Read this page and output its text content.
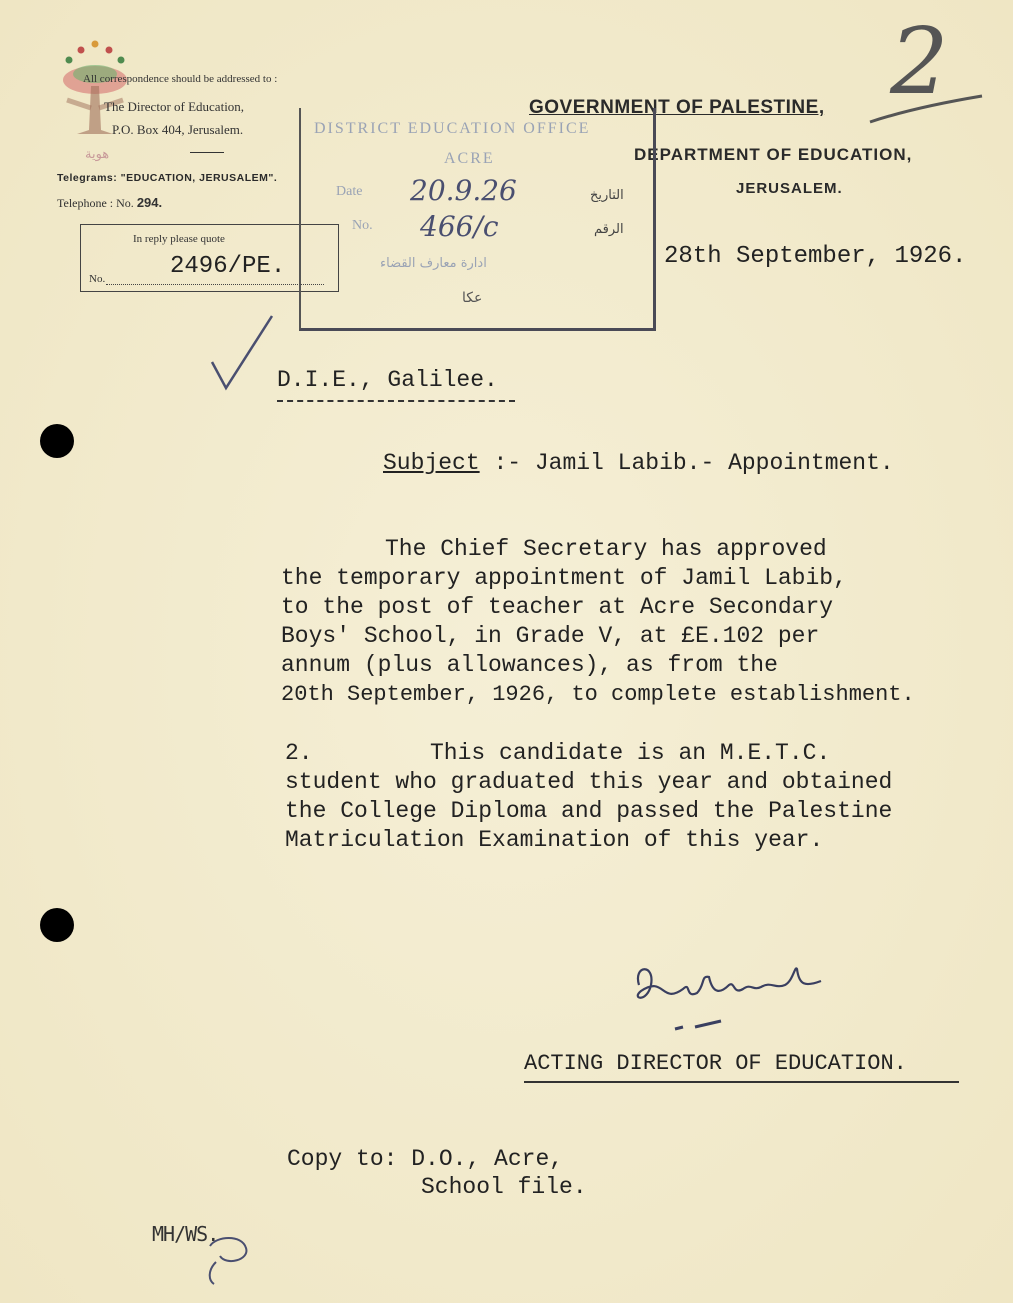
هوية
All correspondence should be addressed to :
The Director of Education,
P.O. Box 404, Jerusalem.
Telegrams: "EDUCATION, JERUSALEM".
Telephone : No. 294.
In reply please quote
No.	2496/PE.
GOVERNMENT OF PALESTINE,
DEPARTMENT OF EDUCATION,
JERUSALEM.
2
DISTRICT EDUCATION OFFICE
ACRE
Date 20.9.26	التاريخ
No. 466/c	الرقم
ادارة معارف القضاء
عكا
28th September, 1926.
D.I.E., Galilee.
Subject :- Jamil Labib.- Appointment.
The Chief Secretary has approved
the temporary appointment of Jamil Labib,
to the post of teacher at Acre Secondary
Boys' School, in Grade V, at £E.102 per
annum (plus allowances), as from the
20th September, 1926, to complete establishment.
2.	This candidate is an M.E.T.C.
student who graduated this year and obtained
the College Diploma and passed the Palestine
Matriculation Examination of this year.
ACTING DIRECTOR OF EDUCATION.
Copy to: D.O., Acre,
School file.
MH/WS.
